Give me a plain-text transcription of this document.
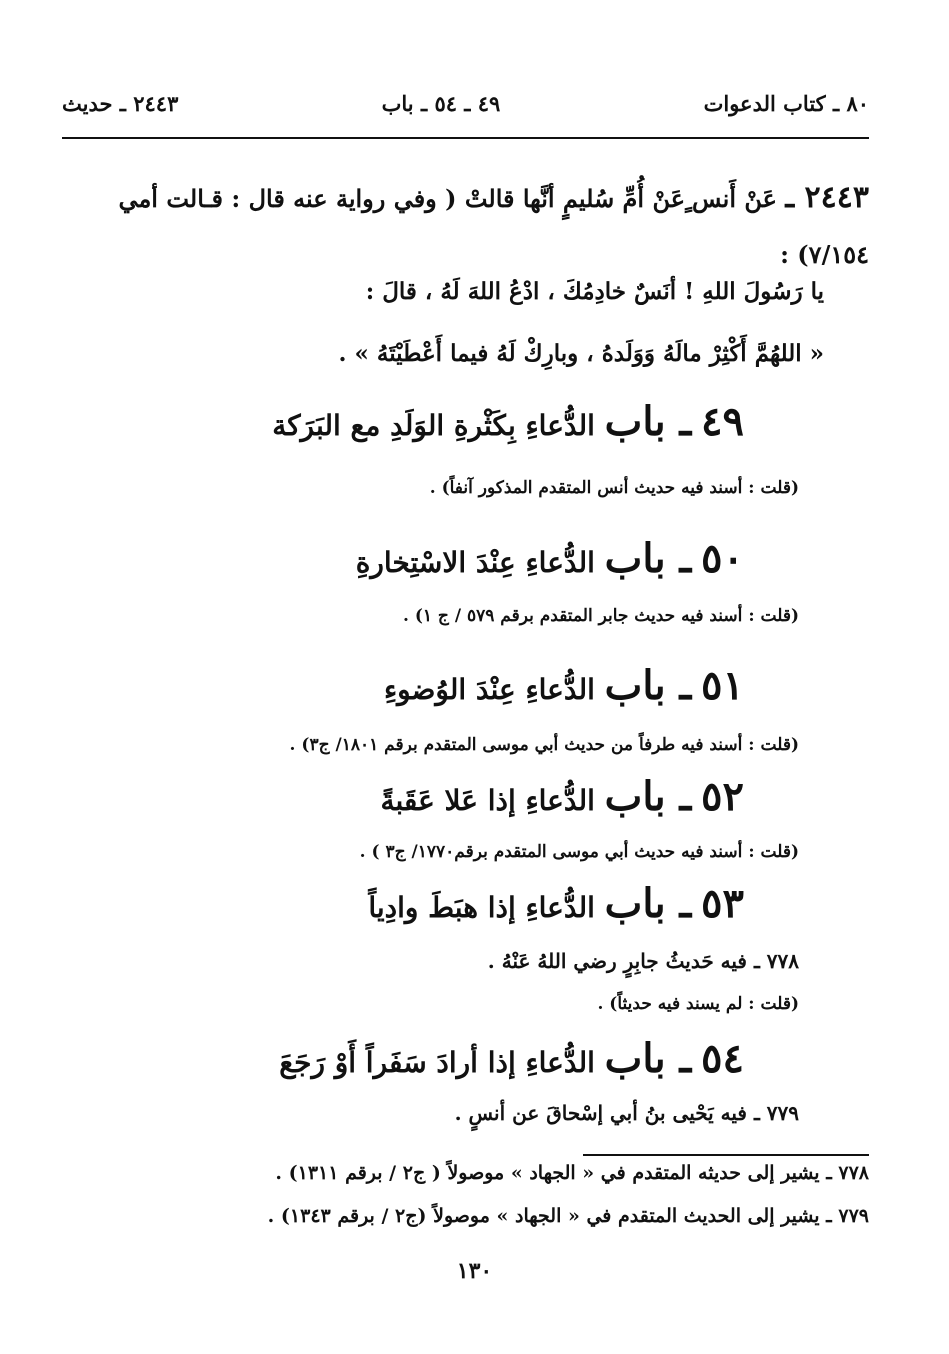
٨٠ ـ كتاب الدعوات
٤٩ ـ ٥٤ ـ باب
٢٤٤٣ ـ حديث
٢٤٤٣ ـ عَنْ أَنس ٍعَنْ أُمِّ سُليمٍ أنَّها قالتْ ( وفي رواية عنه قال : قـالت أمي ٧/١٥٤) :
يا رَسُولَ اللهِ ! أنَسٌ خادِمُكَ ، ادْعُ اللهَ لَهُ ، قالَ :
« اللهُمَّ أَكْثِرْ مالَهُ وَوَلَدهُ ، وبارِكْ لَهُ فيما أَعْطَيْتَهُ » .
٤٩ ـ باب الدُّعاءِ بِكَثْرةِ الوَلَدِ مع البَرَكة
(قلت : أسند فيه حديث أنس المتقدم المذكور آنفاً) .
٥٠ ـ باب الدُّعاءِ عِنْدَ الاسْتِخارةِ
(قلت : أسند فيه حديث جابر المتقدم برقم ٥٧٩ / ج ١) .
٥١ ـ باب الدُّعاءِ عِنْدَ الوُضوءِ
(قلت : أسند فيه طرفاً من حديث أبي موسى المتقدم برقم ١٨٠١/ ج٣) .
٥٢ ـ باب الدُّعاءِ إذا عَلا عَقَبةً
(قلت : أسند فيه حديث أبي موسى المتقدم برقم١٧٧٠/ ج٣ ) .
٥٣ ـ باب الدُّعاءِ إذا هبَطَ وادِياً
٧٧٨ ـ فيه حَديثُ جابِرٍ رضي اللهُ عَنْهُ .
(قلت : لم يسند فيه حديثاً) .
٥٤ ـ باب الدُّعاءِ إذا أرادَ سَفَراً أَوْ رَجَعَ
٧٧٩ ـ فيه يَحْيى بنُ أبي إسْحاقَ عن أنسٍ .
٧٧٨ ـ يشير إلى حديثه المتقدم في « الجهاد » موصولاً ( ج٢ / برقم ١٣١١) .
٧٧٩ ـ يشير إلى الحديث المتقدم في « الجهاد » موصولاً (ج٢ / برقم ١٣٤٣) .
١٣٠
